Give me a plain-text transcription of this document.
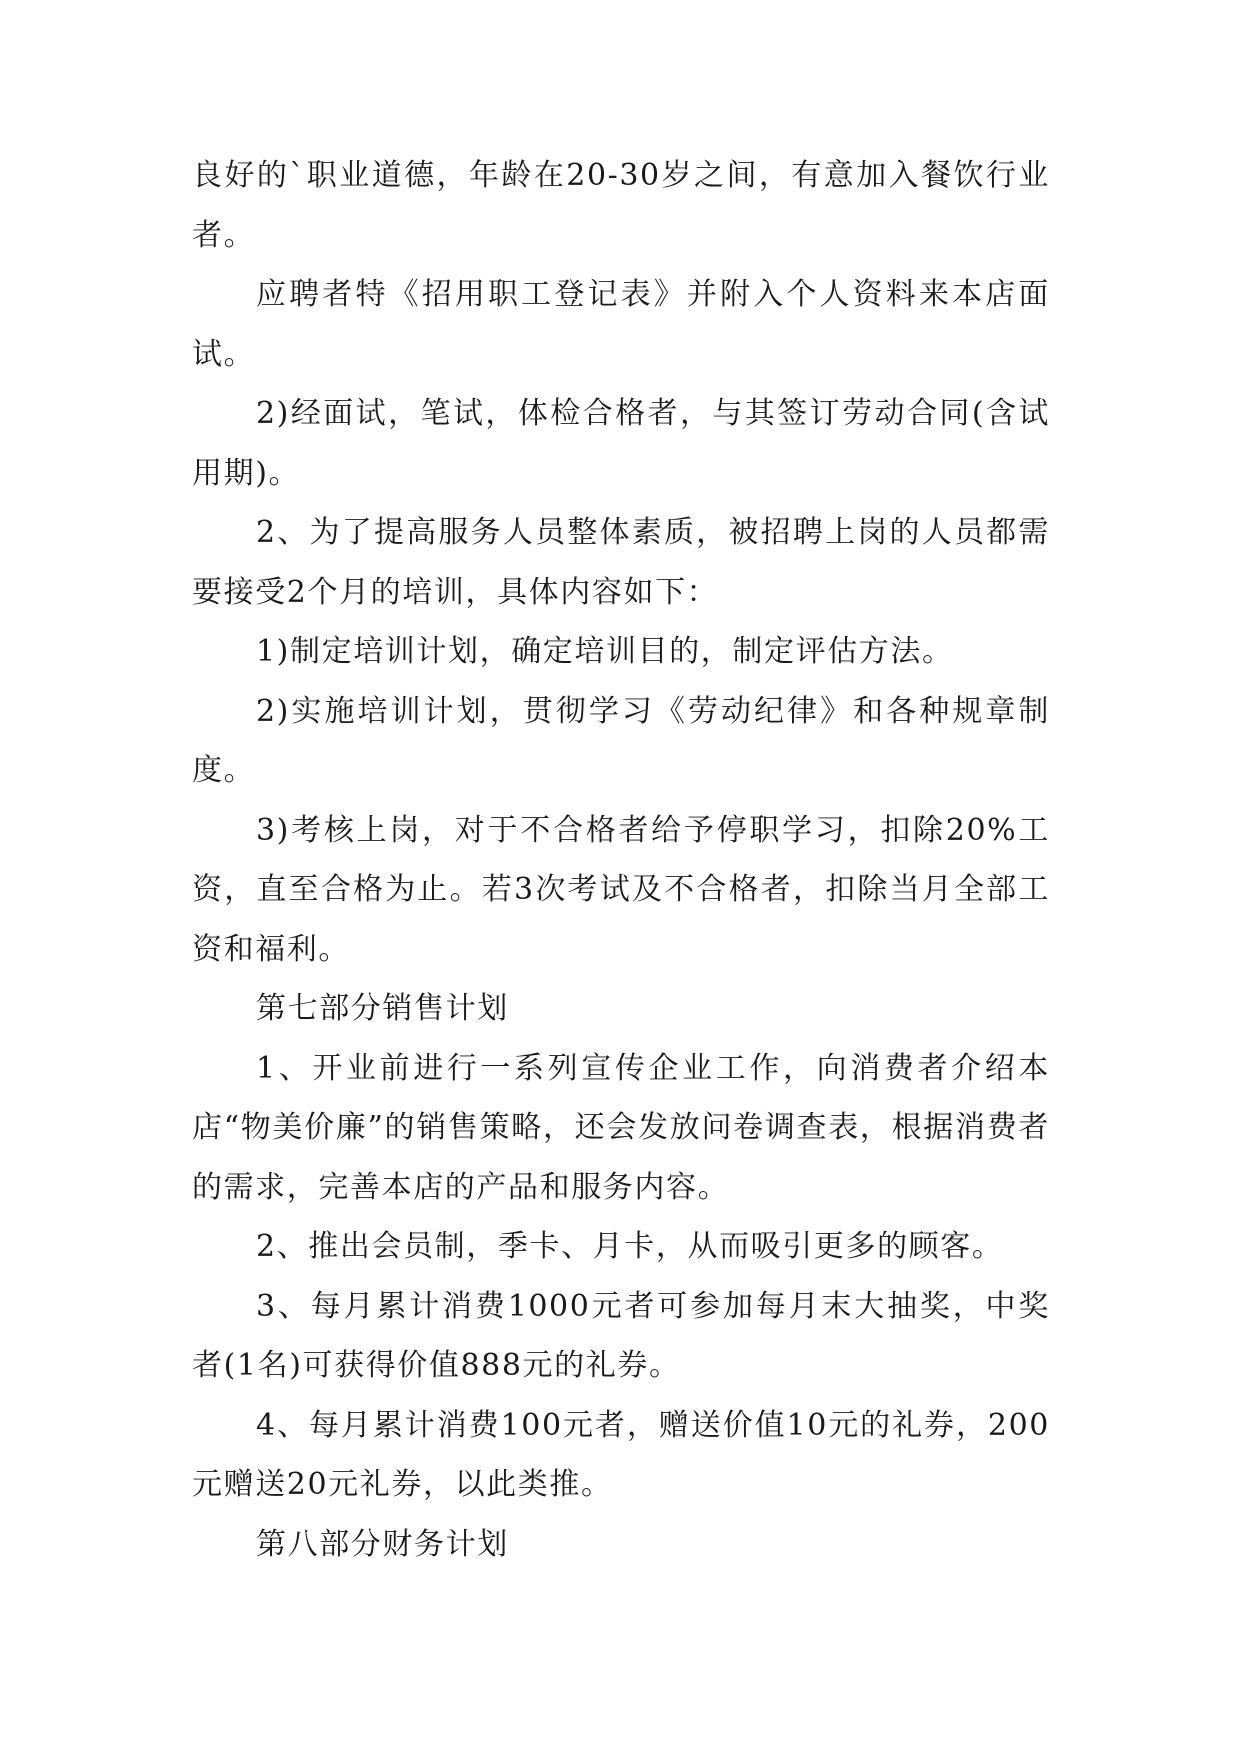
良好的`职业道德，年龄在20-30岁之间，有意加入餐饮行业者。

应聘者特《招用职工登记表》并附入个人资料来本店面试。

2)经面试，笔试，体检合格者，与其签订劳动合同(含试用期)。

2、为了提高服务人员整体素质，被招聘上岗的人员都需要接受2个月的培训，具体内容如下：

1)制定培训计划，确定培训目的，制定评估方法。

2)实施培训计划，贯彻学习《劳动纪律》和各种规章制度。

3)考核上岗，对于不合格者给予停职学习，扣除20%工资，直至合格为止。若3次考试及不合格者，扣除当月全部工资和福利。

第七部分销售计划

1、开业前进行一系列宣传企业工作，向消费者介绍本店“物美价廉”的销售策略，还会发放问卷调查表，根据消费者的需求，完善本店的产品和服务内容。

2、推出会员制，季卡、月卡，从而吸引更多的顾客。

3、每月累计消费1000元者可参加每月末大抽奖，中奖者(1名)可获得价值888元的礼券。

4、每月累计消费100元者，赠送价值10元的礼券，200元赠送20元礼券，以此类推。

第八部分财务计划
